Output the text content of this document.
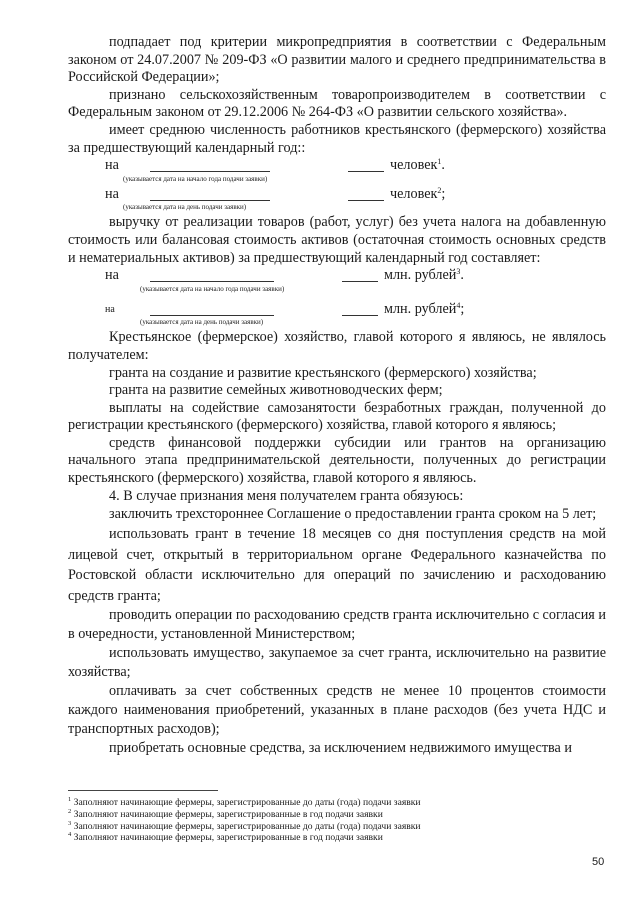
подпадает под критерии микропредприятия в соответствии с Федеральным законом от 24.07.2007 № 209-ФЗ «О развитии малого и среднего предпринимательства в Российской Федерации»;

признано сельскохозяйственным товаропроизводителем в соответствии с Федеральным законом от 29.12.2006 № 264-ФЗ «О развитии сельского хозяйства».

имеет среднюю численность работников крестьянского (фермерского) хозяйства за предшествующий календарный год::

на	человек$^1$.
(указывается дата на начало года подачи заявки)
на	человек$^2$;
(указывается дата на день подачи заявки)

выручку от реализации товаров (работ, услуг) без учета налога на добавленную стоимость или балансовая стоимость активов (остаточная стоимость основных средств и нематериальных активов) за предшествующий календарный год составляет:

на	млн. рублей$^3$.
(указывается дата на начало года подачи заявки)
на	млн. рублей$^4$;
(указывается дата на день подачи заявки)

Крестьянское (фермерское) хозяйство, главой которого я являюсь, не являлось получателем:

гранта на создание и развитие крестьянского (фермерского) хозяйства;

гранта на развитие семейных животноводческих ферм;

выплаты на содействие самозанятости безработных граждан, полученной до регистрации крестьянского (фермерского) хозяйства, главой которого я являюсь;

средств финансовой поддержки субсидии или грантов на организацию начального этапа предпринимательской деятельности, полученных до регистрации крестьянского (фермерского) хозяйства, главой которого я являюсь.

4. В случае признания меня получателем гранта обязуюсь:

заключить трехстороннее Соглашение о предоставлении гранта сроком на 5 лет;

использовать грант в течение 18 месяцев со дня поступления средств на мой лицевой счет, открытый в территориальном органе Федерального казначейства по Ростовской области исключительно для операций по зачислению и расходованию средств гранта;

проводить операции по расходованию средств гранта исключительно с согласия и в очередности, установленной Министерством;

использовать имущество, закупаемое за счет гранта, исключительно на развитие хозяйства;

оплачивать за счет собственных средств не менее 10 процентов стоимости каждого наименования приобретений, указанных в плане расходов (без учета НДС и транспортных расходов);

приобретать основные средства, за исключением недвижимого имущества и

$^1$ Заполняют начинающие фермеры, зарегистрированные до даты (года) подачи заявки
$^2$ Заполняют начинающие фермеры, зарегистрированные в год подачи заявки
$^3$ Заполняют начинающие фермеры, зарегистрированные до даты (года) подачи заявки
$^4$ Заполняют начинающие фермеры, зарегистрированные в год подачи заявки
50
